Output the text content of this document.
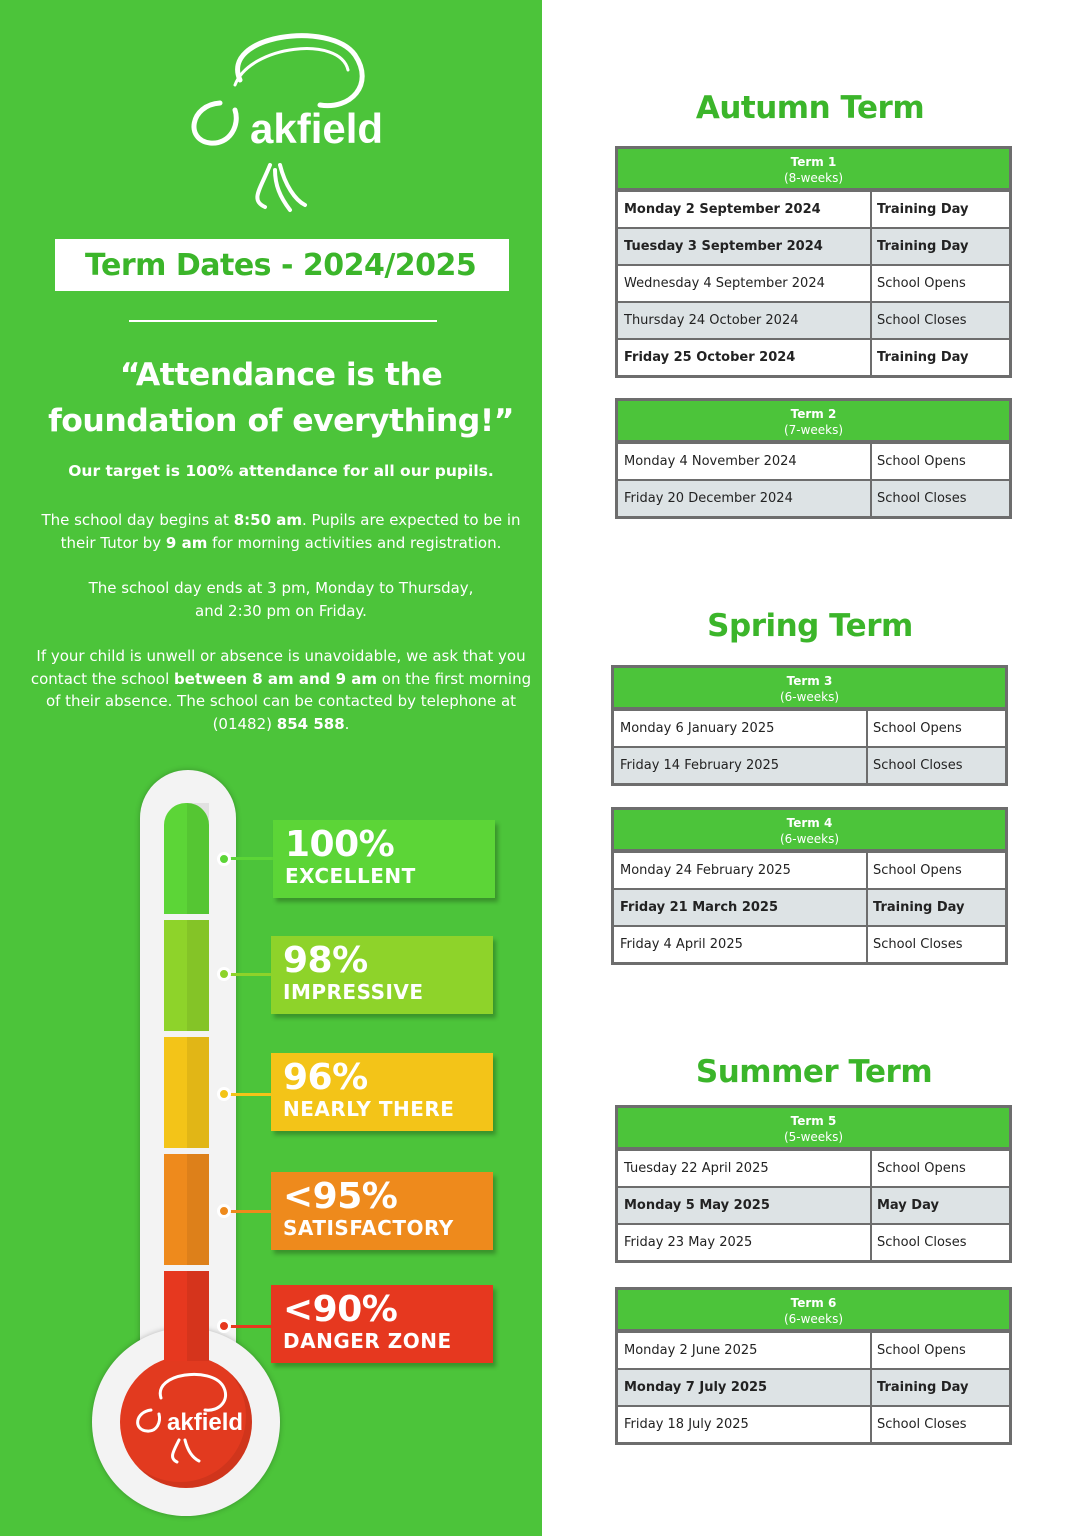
akfield
Term Dates - 2024/2025
“Attendance is the foundation of everything!”
Our target is 100% attendance for all our pupils.

The school day begins at 8:50 am. Pupils are expected to be in their Tutor by 9 am for morning activities and registration.

The school day ends at 3 pm, Monday to Thursday,
and 2:30 pm on Friday.

If your child is unwell or absence is unavoidable, we ask that you contact the school between 8 am and 9 am on the first morning of their absence. The school can be contacted by telephone at (01482) 854 588.

akfield
100%
EXCELLENT
98%
IMPRESSIVE
96%
NEARLY THERE
<95%
SATISFACTORY
<90%
DANGER ZONE
Autumn Term
Term 1
(8-weeks)
Monday 2 September 2024	Training Day
Tuesday 3 September 2024	Training Day
Wednesday 4 September 2024	School Opens
Thursday 24 October 2024	School Closes
Friday 25 October 2024	Training Day
Term 2
(7-weeks)
Monday 4 November 2024	School Opens
Friday 20 December 2024	School Closes
Spring Term
Term 3
(6-weeks)
Monday 6 January 2025	School Opens
Friday 14 February 2025	School Closes
Term 4
(6-weeks)
Monday 24 February 2025	School Opens
Friday 21 March 2025	Training Day
Friday 4 April 2025	School Closes
Summer Term
Term 5
(5-weeks)
Tuesday 22 April 2025	School Opens
Monday 5 May 2025	May Day
Friday 23 May 2025	School Closes
Term 6
(6-weeks)
Monday 2 June 2025	School Opens
Monday 7 July 2025	Training Day
Friday 18 July 2025	School Closes
